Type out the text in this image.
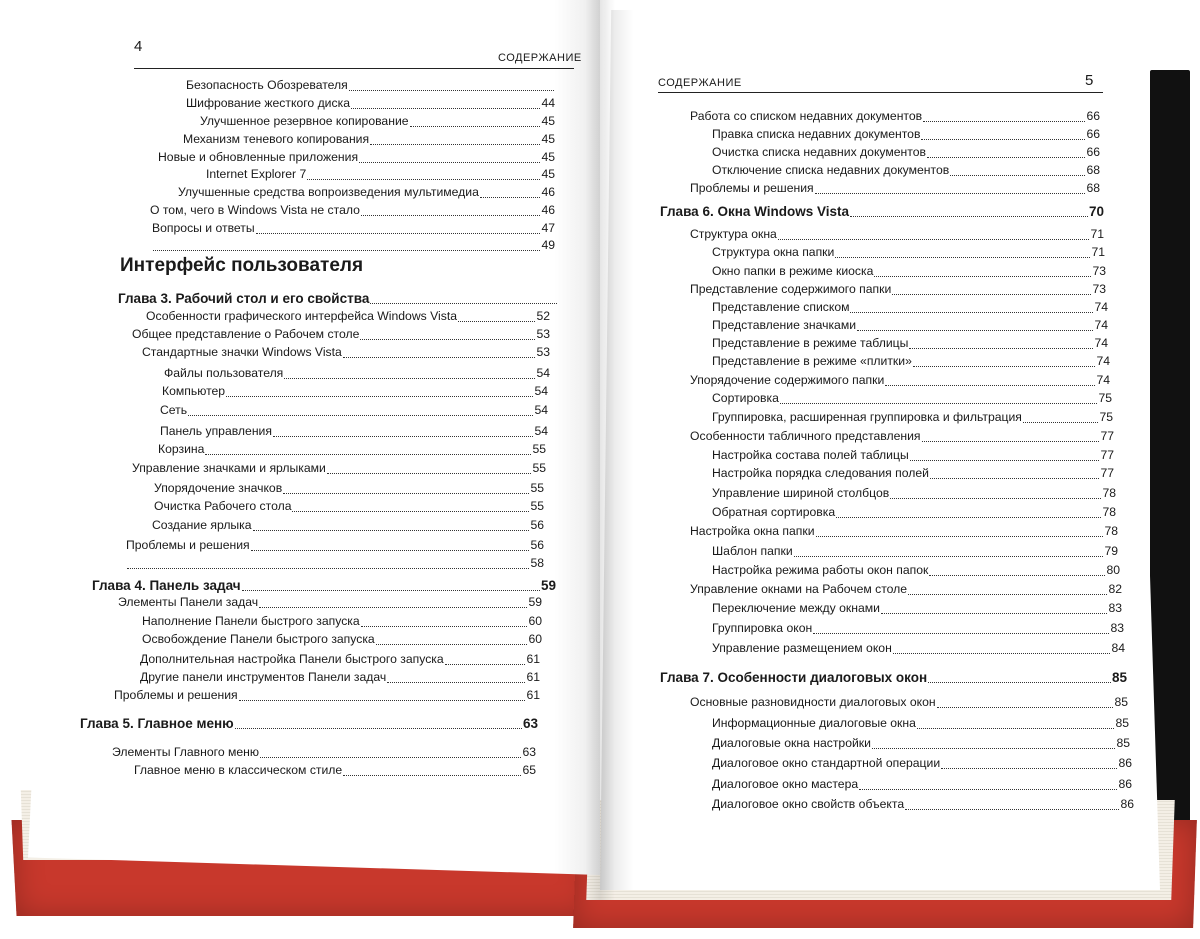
4
СОДЕРЖАНИЕ
Интерфейс пользователя
Безопасность Обозревателя
Шифрование жесткого диска	44
Улучшенное резервное копирование	45
Механизм теневого копирования	45
Новые и обновленные приложения	45
Internet Explorer 7	45
Улучшенные средства вопроизведения мультимедиа	46
О том, чего в Windows Vista не стало	46
Вопросы и ответы	47
49
Глава 3. Рабочий стол и его свойства
Особенности графического интерфейса Windows Vista	52
Общее представление о Рабочем столе	53
Стандартные значки Windows Vista	53
Файлы пользователя	54
Компьютер	54
Сеть	54
Панель управления	54
Корзина	55
Управление значками и ярлыками	55
Упорядочение значков	55
Очистка Рабочего стола	55
Создание ярлыка	56
Проблемы и решения	56
58
Глава 4. Панель задач	59
Элементы Панели задач	59
Наполнение Панели быстрого запуска	60
Освобождение Панели быстрого запуска	60
Дополнительная настройка Панели быстрого запуска	61
Другие панели инструментов Панели задач	61
Проблемы и решения	61
Глава 5. Главное меню	63
Элементы Главного меню	63
Главное меню в классическом стиле	65
СОДЕРЖАНИЕ	5
Работа со списком недавних документов	66
Правка списка недавних документов	66
Очистка списка недавних документов	66
Отключение списка недавних документов	68
Проблемы и решения	68
Глава 6. Окна Windows Vista	70
Структура окна	71
Структура окна папки	71
Окно папки в режиме киоска	73
Представление содержимого папки	73
Представление списком	74
Представление значками	74
Представление в режиме таблицы	74
Представление в режиме «плитки»	74
Упорядочение содержимого папки	74
Сортировка	75
Группировка, расширенная группировка и фильтрация	75
Особенности табличного представления	77
Настройка состава полей таблицы	77
Настройка порядка следования полей	77
Управление шириной столбцов	78
Обратная сортировка	78
Настройка окна папки	78
Шаблон папки	79
Настройка режима работы окон папок	80
Управление окнами на Рабочем столе	82
Переключение между окнами	83
Группировка окон	83
Управление размещением окон	84
Глава 7. Особенности диалоговых окон	85
Основные разновидности диалоговых окон	85
Информационные диалоговые окна	85
Диалоговые окна настройки	85
Диалоговое окно стандартной операции	86
Диалоговое окно мастера	86
Диалоговое окно свойств объекта	86
